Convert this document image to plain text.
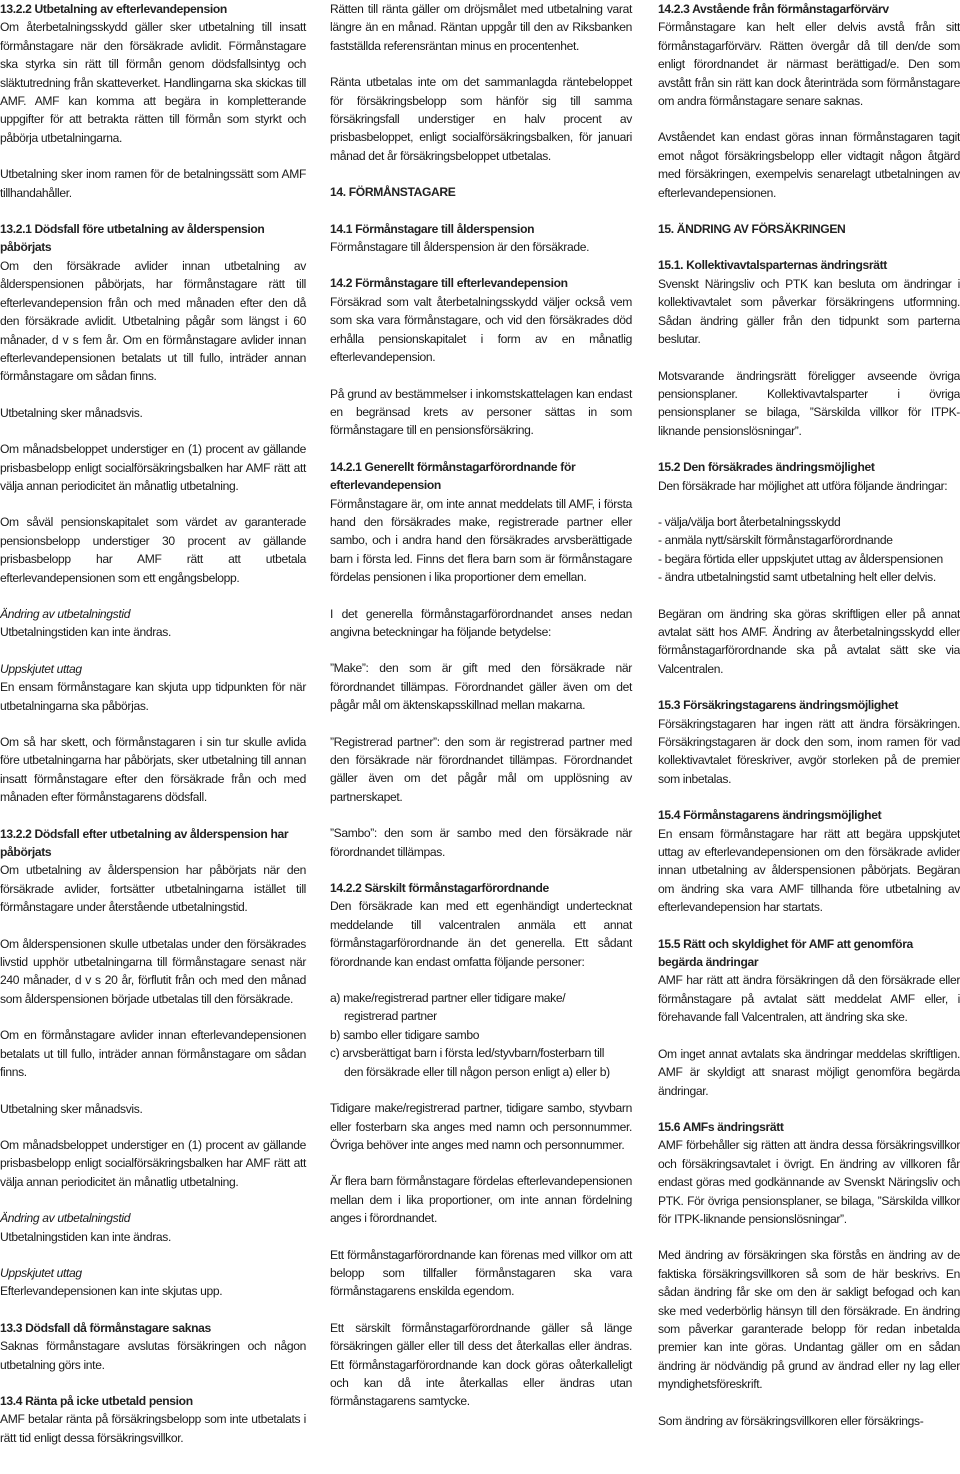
13.2.2 Utbetalning av efterlevandepension

Om återbetalningsskydd gäller sker utbetalning till insatt förmånstagare när den försäkrade avlidit. Förmånstagare ska styrka sin rätt till förmån genom dödsfallsintyg och släktutredning från skatteverket. Handlingarna ska skickas till AMF. AMF kan komma att begära in kompletterande uppgifter för att betrakta rätten till förmån som styrkt och påbörja utbetalningarna.

Utbetalning sker inom ramen för de betalningssätt som AMF tillhandahåller.

13.2.1 Dödsfall före utbetalning av ålderspension påbörjats

Om den försäkrade avlider innan utbetalning av ålderspensionen påbörjats, har förmånstagare rätt till efterlevandepension från och med månaden efter den då den försäkrade avlidit. Utbetalning pågår som längst i 60 månader, d v s fem år. Om en förmånstagare avlider innan efterlevandepensionen betalats ut till fullo, inträder annan förmånstagare om sådan finns.

Utbetalning sker månadsvis.

Om månadsbeloppet understiger en (1) procent av gällande prisbasbelopp enligt socialförsäkringsbalken har AMF rätt att välja annan periodicitet än månatlig utbetalning.

Om såväl pensionskapitalet som värdet av garanterade pensionsbelopp understiger 30 procent av gällande prisbasbelopp har AMF rätt att utbetala efterlevandepensionen som ett engångsbelopp.

Ändring av utbetalningstid

Utbetalningstiden kan inte ändras.

Uppskjutet uttag

En ensam förmånstagare kan skjuta upp tidpunkten för när utbetalningarna ska påbörjas.

Om så har skett, och förmånstagaren i sin tur skulle avlida före utbetalningarna har påbörjats, sker utbetalning till annan insatt förmånstagare efter den försäkrade från och med månaden efter förmånstagarens dödsfall.

13.2.2 Dödsfall efter utbetalning av ålderspension har påbörjats

Om utbetalning av ålderspension har påbörjats när den försäkrade avlider, fortsätter utbetalningarna istället till förmånstagare under återstående utbetalningstid.

Om ålderspensionen skulle utbetalas under den försäkrades livstid upphör utbetalningarna till förmånstagare senast när 240 månader, d v s 20 år, förflutit från och med den månad som ålderspensionen började utbetalas till den försäkrade.

Om en förmånstagare avlider innan efterlevandepensionen betalats ut till fullo, inträder annan förmånstagare om sådan finns.

Utbetalning sker månadsvis.

Om månadsbeloppet understiger en (1) procent av gällande prisbasbelopp enligt socialförsäkringsbalken har AMF rätt att välja annan periodicitet än månatlig utbetalning.

Ändring av utbetalningstid

Utbetalningstiden kan inte ändras.

Uppskjutet uttag

Efterlevandepensionen kan inte skjutas upp.

13.3 Dödsfall då förmånstagare saknas

Saknas förmånstagare avslutas försäkringen och någon utbetalning görs inte.

13.4 Ränta på icke utbetald pension

AMF betalar ränta på försäkringsbelopp som inte utbetalats i rätt tid enligt dessa försäkringsvillkor.

Rätten till ränta gäller om dröjsmålet med utbetalning varat längre än en månad. Räntan uppgår till den av Riksbanken fastställda referensräntan minus en procentenhet.

Ränta utbetalas inte om det sammanlagda räntebeloppet för försäkringsbelopp som hänför sig till samma försäkringsfall understiger en halv procent av prisbasbeloppet, enligt socialförsäkringsbalken, för januari månad det år försäkringsbeloppet utbetalas.

14. FÖRMÅNSTAGARE
14.1 Förmånstagare till ålderspension

Förmånstagare till ålderspension är den försäkrade.

14.2 Förmånstagare till efterlevandepension

Försäkrad som valt återbetalningsskydd väljer också vem som ska vara förmånstagare, och vid den försäkrades död erhålla pensionskapitalet i form av en månatlig efterlevandepension.

På grund av bestämmelser i inkomstskattelagen kan endast en begränsad krets av personer sättas in som förmånstagare till en pensionsförsäkring.

14.2.1 Generellt förmånstagarförordnande för efterlevandepension

Förmånstagare är, om inte annat meddelats till AMF, i första hand den försäkrades make, registrerade partner eller sambo, och i andra hand den försäkrades arvsberättigade barn i första led. Finns det flera barn som är förmånstagare fördelas pensionen i lika proportioner dem emellan.

I det generella förmånstagarförordnandet anses nedan angivna beteckningar ha följande betydelse:

”Make”: den som är gift med den försäkrade när förordnandet tillämpas. Förordnandet gäller även om det pågår mål om äktenskapsskillnad mellan makarna.

”Registrerad partner”: den som är registrerad partner med den försäkrade när förordnandet tillämpas. Förordnandet gäller även om det pågår mål om upplösning av partnerskapet.

”Sambo”: den som är sambo med den försäkrade när förordnandet tillämpas.

14.2.2 Särskilt förmånstagarförordnande

Den försäkrade kan med ett egenhändigt undertecknat meddelande till valcentralen anmäla ett annat förmånstagarförordnande än det generella. Ett sådant förordnande kan endast omfatta följande personer:

a) make/registrerad partner eller tidigare make/
registrerad partner
b) sambo eller tidigare sambo
c) arvsberättigat barn i första led/styvbarn/fosterbarn till
den försäkrade eller till någon person enligt a) eller b)

Tidigare make/registrerad partner, tidigare sambo, styvbarn eller fosterbarn ska anges med namn och personnummer. Övriga behöver inte anges med namn och personnummer.

Är flera barn förmånstagare fördelas efterlevandepensionen mellan dem i lika proportioner, om inte annan fördelning anges i förordnandet.

Ett förmånstagarförordnande kan förenas med villkor om att belopp som tillfaller förmånstagaren ska vara förmånstagarens enskilda egendom.

Ett särskilt förmånstagarförordnande gäller så länge försäkringen gäller eller till dess det återkallas eller ändras. Ett förmånstagarförordnande kan dock göras oåterkalleligt och kan då inte återkallas eller ändras utan förmånstagarens samtycke.

14.2.3 Avstående från förmånstagarförvärv

Förmånstagare kan helt eller delvis avstå från sitt förmånstagarförvärv. Rätten övergår då till den/de som enligt förordnandet är närmast berättigad/e. Den som avstått från sin rätt kan dock återinträda som förmånstagare om andra förmånstagare senare saknas.

Avståendet kan endast göras innan förmånstagaren tagit emot något försäkringsbelopp eller vidtagit någon åtgärd med försäkringen, exempelvis senarelagt utbetalningen av efterlevandepensionen.

15. ÄNDRING AV FÖRSÄKRINGEN
15.1. Kollektivavtalsparternas ändringsrätt

Svenskt Näringsliv och PTK kan besluta om ändringar i kollektivavtalet som påverkar försäkringens utformning. Sådan ändring gäller från den tidpunkt som parterna beslutar.

Motsvarande ändringsrätt föreligger avseende övriga pensionsplaner. Kollektivavtalsparter i övriga pensionsplaner se bilaga, ”Särskilda villkor för ITPK-liknande pensionslösningar”.

15.2 Den försäkrades ändringsmöjlighet

Den försäkrade har möjlighet att utföra följande ändringar:

- välja/välja bort återbetalningsskydd
- anmäla nytt/särskilt förmånstagarförordnande
- begära förtida eller uppskjutet uttag av ålderspensionen
- ändra utbetalningstid samt utbetalning helt eller delvis.

Begäran om ändring ska göras skriftligen eller på annat avtalat sätt hos AMF. Ändring av återbetalningsskydd eller förmånstagarförordnande ska på avtalat sätt ske via Valcentralen.

15.3 Försäkringstagarens ändringsmöjlighet

Försäkringstagaren har ingen rätt att ändra försäkringen. Försäkringstagaren är dock den som, inom ramen för vad kollektivavtalet föreskriver, avgör storleken på de premier som inbetalas.

15.4 Förmånstagarens ändringsmöjlighet

En ensam förmånstagare har rätt att begära uppskjutet uttag av efterlevandepensionen om den försäkrade avlider innan utbetalning av ålderspensionen påbörjats. Begäran om ändring ska vara AMF tillhanda före utbetalning av efterlevandepension har startats.

15.5 Rätt och skyldighet för AMF att genomföra begärda ändringar

AMF har rätt att ändra försäkringen då den försäkrade eller förmånstagare på avtalat sätt meddelat AMF eller, i förehavande fall Valcentralen, att ändring ska ske.

Om inget annat avtalats ska ändringar meddelas skriftligen. AMF är skyldigt att snarast möjligt genomföra begärda ändringar.

15.6 AMFs ändringsrätt

AMF förbehåller sig rätten att ändra dessa försäkringsvillkor och försäkringsavtalet i övrigt. En ändring av villkoren får endast göras med godkännande av Svenskt Näringsliv och PTK. För övriga pensionsplaner, se bilaga, ”Särskilda villkor för ITPK-liknande pensionslösningar”.

Med ändring av försäkringen ska förstås en ändring av de faktiska försäkringsvillkoren så som de här beskrivs. En sådan ändring får ske om den är sakligt befogad och kan ske med vederbörlig hänsyn till den försäkrade. En ändring som påverkar garanterade belopp för redan inbetalda premier kan inte göras. Undantag gäller om en sådan ändring är nödvändig på grund av ändrad eller ny lag eller myndighetsföreskrift.

Som ändring av försäkringsvillkoren eller försäkrings-
